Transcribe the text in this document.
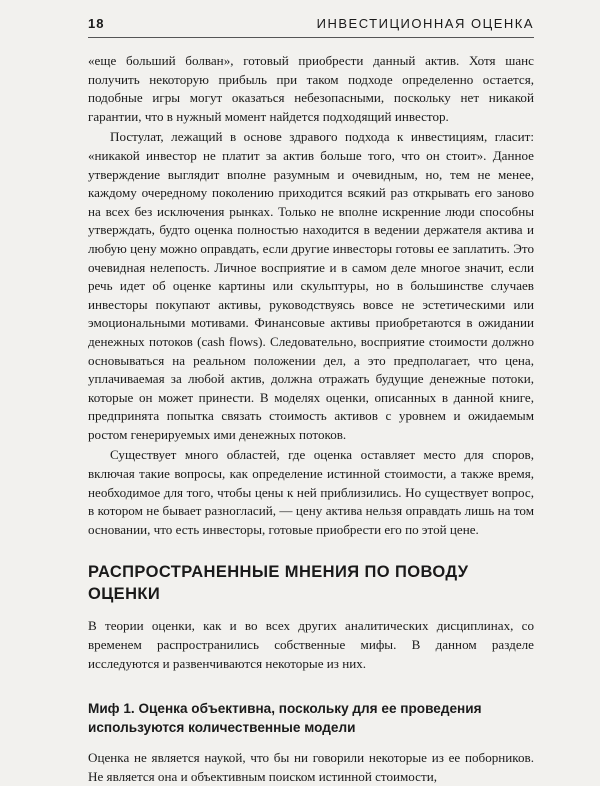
18	ИНВЕСТИЦИОННАЯ ОЦЕНКА

«еще больший болван», готовый приобрести данный актив. Хотя шанс получить некоторую прибыль при таком подходе определенно остается, подобные игры могут оказаться небезопасными, поскольку нет никакой гарантии, что в нужный момент найдется подходящий инвестор.

Постулат, лежащий в основе здравого подхода к инвестициям, гласит: «никакой инвестор не платит за актив больше того, что он стоит». Данное утверждение выглядит вполне разумным и очевидным, но, тем не менее, каждому очередному поколению приходится всякий раз открывать его заново на всех без исключения рынках. Только не вполне искренние люди способны утверждать, будто оценка полностью находится в ведении держателя актива и любую цену можно оправдать, если другие инвесторы готовы ее заплатить. Это очевидная нелепость. Личное восприятие и в самом деле многое значит, если речь идет об оценке картины или скульптуры, но в большинстве случаев инвесторы покупают активы, руководствуясь вовсе не эстетическими или эмоциональными мотивами. Финансовые активы приобретаются в ожидании денежных потоков (cash flows). Следовательно, восприятие стоимости должно основываться на реальном положении дел, а это предполагает, что цена, уплачиваемая за любой актив, должна отражать будущие денежные потоки, которые он может принести. В моделях оценки, описанных в данной книге, предпринята попытка связать стоимость активов с уровнем и ожидаемым ростом генерируемых ими денежных потоков.

Существует много областей, где оценка оставляет место для споров, включая такие вопросы, как определение истинной стоимости, а также время, необходимое для того, чтобы цены к ней приблизились. Но существует вопрос, в котором не бывает разногласий, — цену актива нельзя оправдать лишь на том основании, что есть инвесторы, готовые приобрести его по этой цене.

РАСПРОСТРАНЕННЫЕ МНЕНИЯ ПО ПОВОДУ ОЦЕНКИ

В теории оценки, как и во всех других аналитических дисциплинах, со временем распространились собственные мифы. В данном разделе исследуются и развенчиваются некоторые из них.

Миф 1. Оценка объективна, поскольку для ее проведения используются количественные модели

Оценка не является наукой, что бы ни говорили некоторые из ее поборников. Не является она и объективным поиском истинной стоимости,
